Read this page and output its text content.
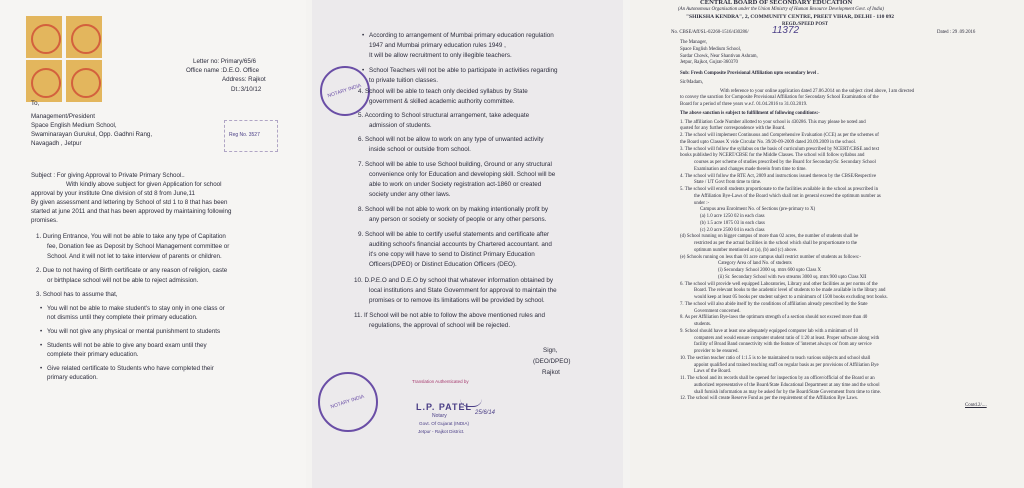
Letter no: Primary/65/6
Office name :D.E.O. Office
Address: Rajkot
Dt.:3/10/12
To,
Management/President
Space English Medium School,
Swaminarayan Gurukul, Opp. Gadhni Rang,
Navagadh , Jetpur
Reg No. 3527
Subject : For giving Approval to Private Primary School..
With kindly above subject for given Application for school
approval by your institute One division of std 8 from June,11
By given assessment and lettering by School of std 1 to 8 that has been
started at june 2011 and that has been approved by maintaining following
promises.
1. During Entrance, You will not be able to take any type of Capitation
fee, Donation fee as Deposit by School Management committee or
School. And it will not let to take interview of parents or children.
2. Due to not having of Birth certificate or any reason of religion, caste
or birthplace school will not be able to reject admission.
3. School has to assume that,
• You will not be able to make student's to stay only in one class or
not dismiss until they complete their primary education.
• You will not give any physical or mental punishment to students
• Students will not be able to give any board exam until they
complete their primary education.
• Give related certificate to Students who have completed their
primary education.
NOTARY INDIA
• According to arrangement of Mumbai primary education regulation
1947 and Mumbai primary education rules 1949 ,
It will be allow recruitment to only illegible teachers.
• School Teachers will not be able to participate in activities regarding
to private tuition classes.
4. School will be able to teach only decided syllabus by State
government & skilled academic authority committee.
5. According to School structural arrangement, take adequate
admission of students.
6. School will not be allow to work on any type of unwanted activity
inside school or outside from school.
7. School will be able to use School building, Ground or any structural
convenience only for Education and developing skill. School will be
able to work on under Society registration act-1860 or created
society under any other laws.
8. School will be not able to work on by making intentionally profit by
any person or society or society of people or any other persons.
9. School will be able to certify useful statements and certificate after
auditing school's financial accounts by Chartered accountant. and
it's one copy will have to send to Distinct Primary Education
Officers(DPEO) or Distinct Education Officers (DEO).
10. D.P.E.O and D.E.O by school that whatever information obtained by
local institutions and State Government for approval to maintain the
promises or to remove its limitations will be provided by school.
11. If School will be not able to follow the above mentioned rules and
regulations, the approval of school will be rejected.
Sign,
(DEO/DPEO)
Rajkot
NOTARY INDIA
Translation Authenticated by
L.P. PATEL
Notary
Govt. Of Gujarat (INDIA)
Jetpur - Rajkot District.
25/6/14
CENTRAL BOARD OF SECONDARY EDUCATION
(An Autonomous Organisation under the Union Ministry of Human Resource Development Govt. of India)
"SHIKSHA KENDRA", 2, COMMUNITY CENTRE, PREET VIHAR, DELHI - 110 092
REGD./SPEED POST
No. CBSE/Aff/SL-02260-1516/430286/ 11372	Dated : 29 .09.2016
The Manager,
Space English Medium School,
Sardar Chowk, Near Shantivan Ashram,
Jetpur, Rajkot, Gujrat-360370
Sub: Fresh Composite Provisional Affiliation upto secondary level .
Sir/Madam,
With reference to your online application dated 27.06.2014 on the subject cited above, I am directed
to convey the sanction for Composite Provisional Affiliation for Secondary School Examination of the
Board for a period of three years w.e.f. 01.04.2016 to 31.03.2019.
The above sanction is subject to fulfillment of following conditions:-
1. The affiliation Code Number allotted to your school is 430286. This may please be noted and
quoted for any further correspondence with the Board.
2. The school will implement Continuous and Comprehensive Evaluation (CCE) as per the schemes of
the Board upto Classes X vide Circular No. 39/20-09-2009 dated 20.09.2009 in the school.
3. The school will follow the syllabus on the basis of curriculum prescribed by NCERT/CBSE and text
books published by NCERT/CBSE for the Middle Classes. The school will follow syllabus and
courses as per scheme of studies prescribed by the Board for Secondary/Sr. Secondary School
Examination and changes made therein from time to time.
4. The school will follow the RTE Act, 2009 and instructions issued thereon by the CBSE/Respective
State / UT Govt from time to time.
5. The school will enroll students proportionate to the facilities available in the school as prescribed in
the Affiliation Bye-Laws of the Board which shall not in general exceed the optimum number as
under :-
Campus area Enrolment No. of Sections (pre-primary to X)
(a) 1.0 acre 1250 02 in each class
(b) 1.5 acre 1875 03 in each class
(c) 2.0 acre 2500 04 in each class
(d) School running on bigger campus of more than 02 acres, the number of students shall be
restricted as per the actual facilities in the school which shall be proportionate to the
optimum number mentioned at (a), (b) and (c) above.
(e) Schools running on less than 01 acre campus shall restrict number of students as follows:-
Category Area of land No. of students
(i) Secondary School 2000 sq. mtrs 600 upto Class X
(ii) Sr. Secondary School with two streams 3000 sq. mtrs 900 upto Class XII
6. The school will provide well equipped Laboratories, Library and other facilities as per norms of the
Board. The relevant books to the academic level of students to be made available in the library and
would keep at least 05 books per student subject to a minimum of 1500 books excluding text books.
7. The school will also abide itself by the conditions of affiliation already prescribed by the State
Government concerned.
8. As per Affiliation Bye-laws the optimum strength of a section should not exceed more than 40
students.
9. School should have at least one adequately equipped computer lab with a minimum of 10
computers and would ensure computer student ratio of 1:20 at least. Proper software along with
facility of Broad Band connectivity with the feature of 'internet always on' from any service
provider to be ensured.
10. The section teacher ratio of 1:1.5 is to be maintained to teach various subjects and school shall
appoint qualified and trained teaching staff on regular basis as per provisions of Affiliation Bye
Laws of the Board.
11. The school and its records shall be opened for inspection by an officer/official of the Board or an
authorized representative of the Board/State Educational Department at any time and the school
shall furnish information as may be asked for by the Board/State Government from time to time.
12. The school will create Reserve Fund as per the requirement of the Affiliation Bye Laws.
Contd.2/....
